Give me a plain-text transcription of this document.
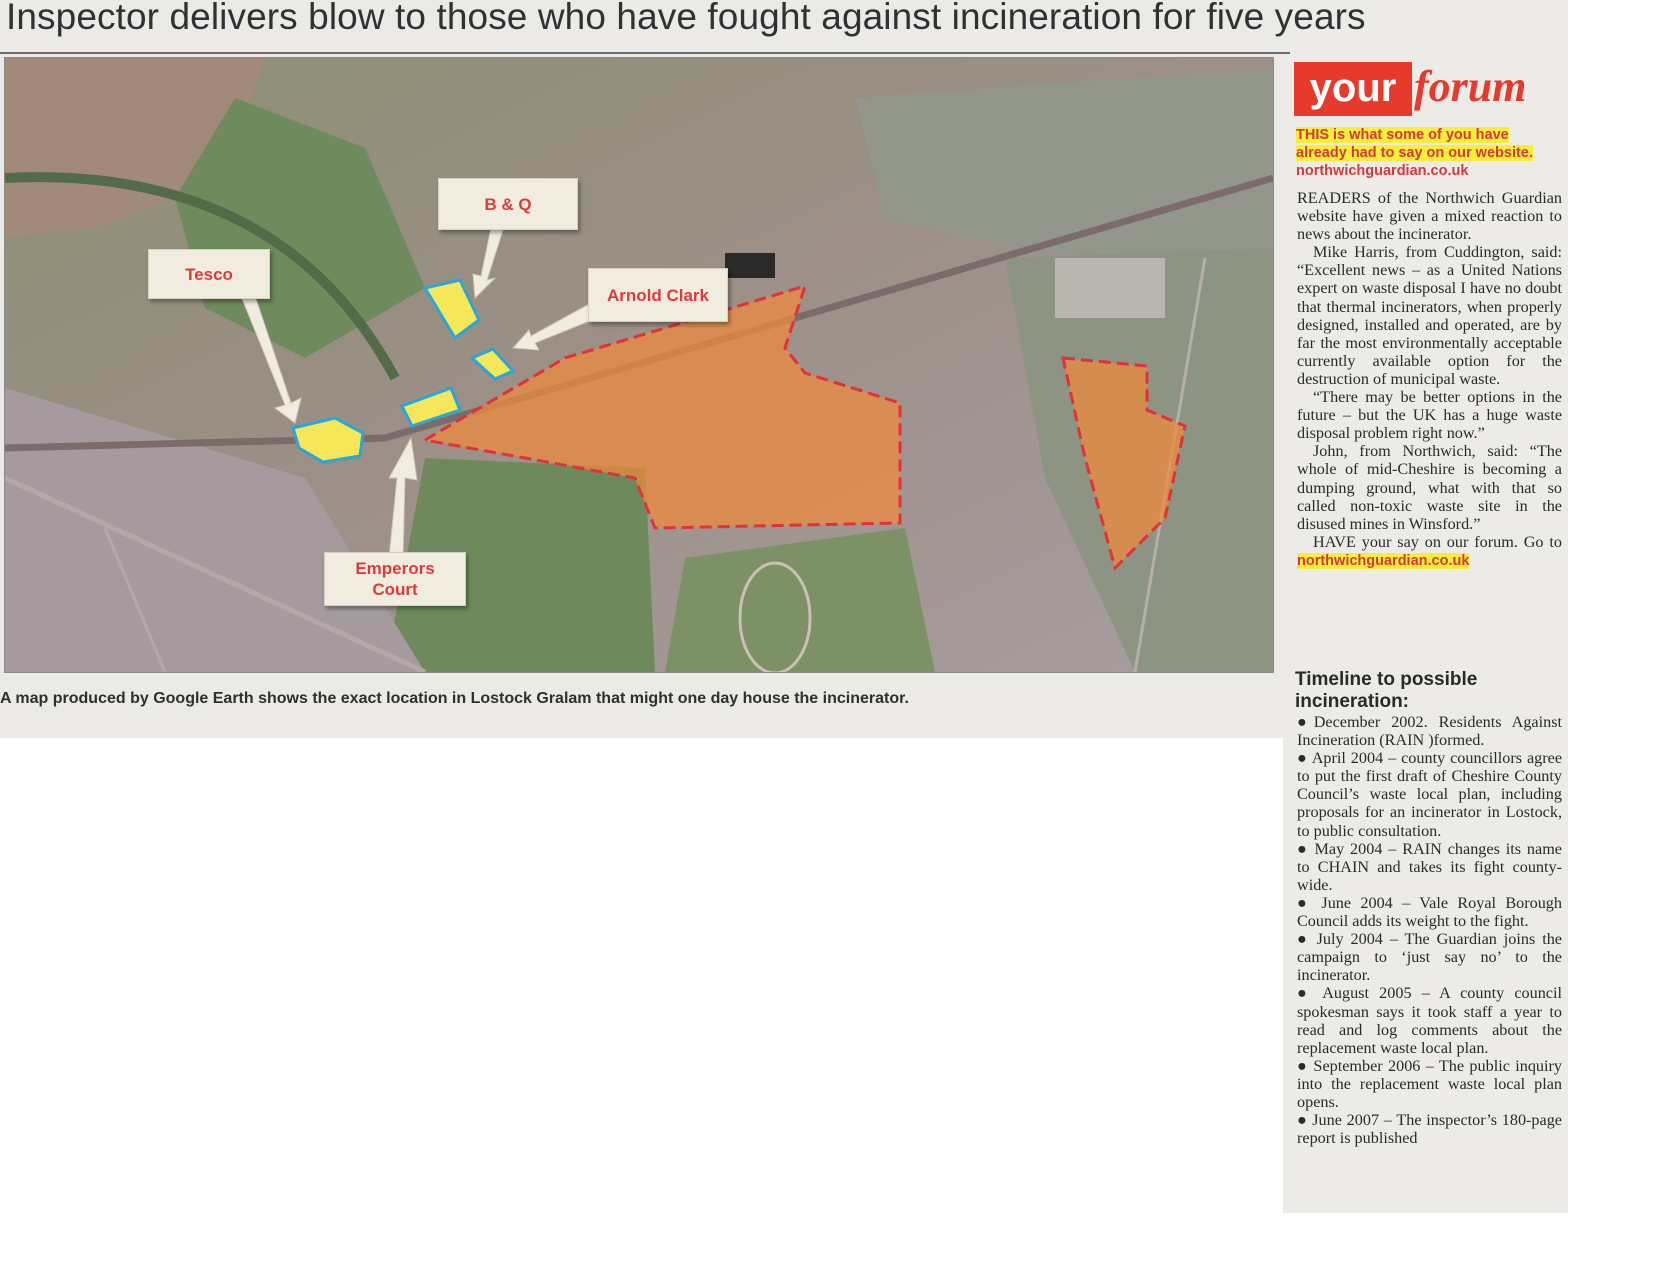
Inspector delivers blow to those who have fought against incineration for five years
Tesco
B & Q
Arnold Clark
Emperors
Court
A map produced by Google Earth shows the exact location in Lostock Gralam that might one day house the incinerator.
your forum
THIS is what some of you have already had to say on our website.
northwichguardian.co.uk

READERS of the Northwich Guardian website have given a mixed reaction to news about the incinerator.

Mike Harris, from Cuddington, said: “Excellent news – as a United Nations expert on waste disposal I have no doubt that thermal incinerators, when properly designed, installed and operated, are by far the most environmentally acceptable currently available option for the destruction of municipal waste.

“There may be better options in the future – but the UK has a huge waste disposal problem right now.”

John, from Northwich, said: “The whole of mid-Cheshire is becoming a dumping ground, what with that so called non-toxic waste site in the disused mines in Winsford.”

HAVE your say on our forum. Go to northwichguardian.co.uk

Timeline to possible incineration:

●December 2002. Residents Against Incineration (RAIN )formed.

● April 2004 – county councillors agree to put the first draft of Cheshire County Council’s waste local plan, including proposals for an incinerator in Lostock, to public consultation.

● May 2004 – RAIN changes its name to CHAIN and takes its fight county-wide.

● June 2004 – Vale Royal Borough Council adds its weight to the fight.

● July 2004 – The Guardian joins the campaign to ‘just say no’ to the incinerator.

● August 2005 – A county council spokesman says it took staff a year to read and log comments about the replacement waste local plan.

● September 2006 – The public inquiry into the replacement waste local plan opens.

● June 2007 – The inspector’s 180-page report is published
